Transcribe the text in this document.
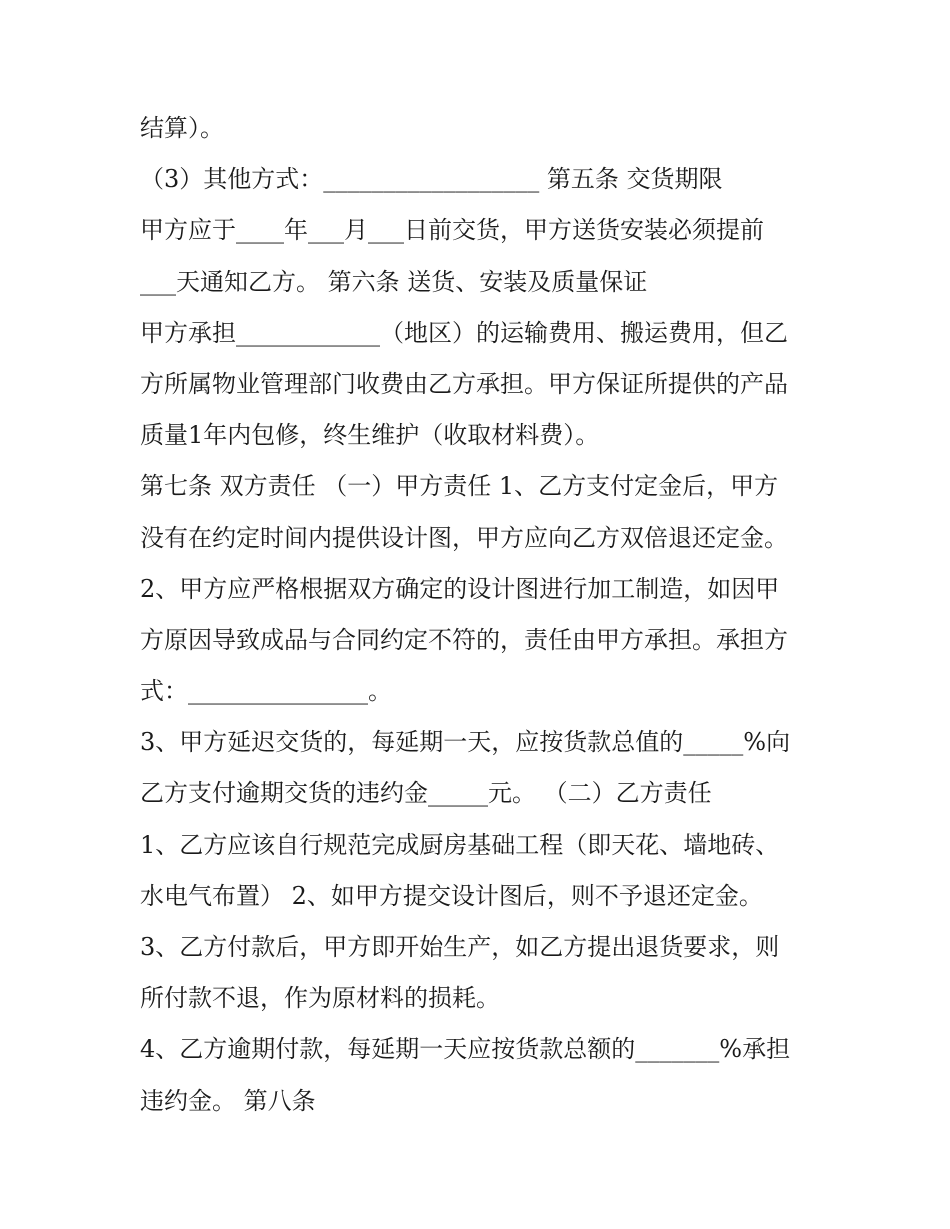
结算）。
（3）其他方式：__________________ 第五条 交货期限
甲方应于____年___月___日前交货，甲方送货安装必须提前
___天通知乙方。 第六条 送货、安装及质量保证
甲方承担____________（地区）的运输费用、搬运费用，但乙
方所属物业管理部门收费由乙方承担。甲方保证所提供的产品
质量1年内包修，终生维护（收取材料费）。
第七条 双方责任 （一）甲方责任 1、乙方支付定金后，甲方
没有在约定时间内提供设计图，甲方应向乙方双倍退还定金。
2、甲方应严格根据双方确定的设计图进行加工制造，如因甲
方原因导致成品与合同约定不符的，责任由甲方承担。承担方
式：_______________。
3、甲方延迟交货的，每延期一天，应按货款总值的_____%向
乙方支付逾期交货的违约金_____元。 （二）乙方责任
1、乙方应该自行规范完成厨房基础工程（即天花、墙地砖、
水电气布置） 2、如甲方提交设计图后，则不予退还定金。
3、乙方付款后，甲方即开始生产，如乙方提出退货要求，则
所付款不退，作为原材料的损耗。
4、乙方逾期付款，每延期一天应按货款总额的_______%承担
违约金。 第八条
